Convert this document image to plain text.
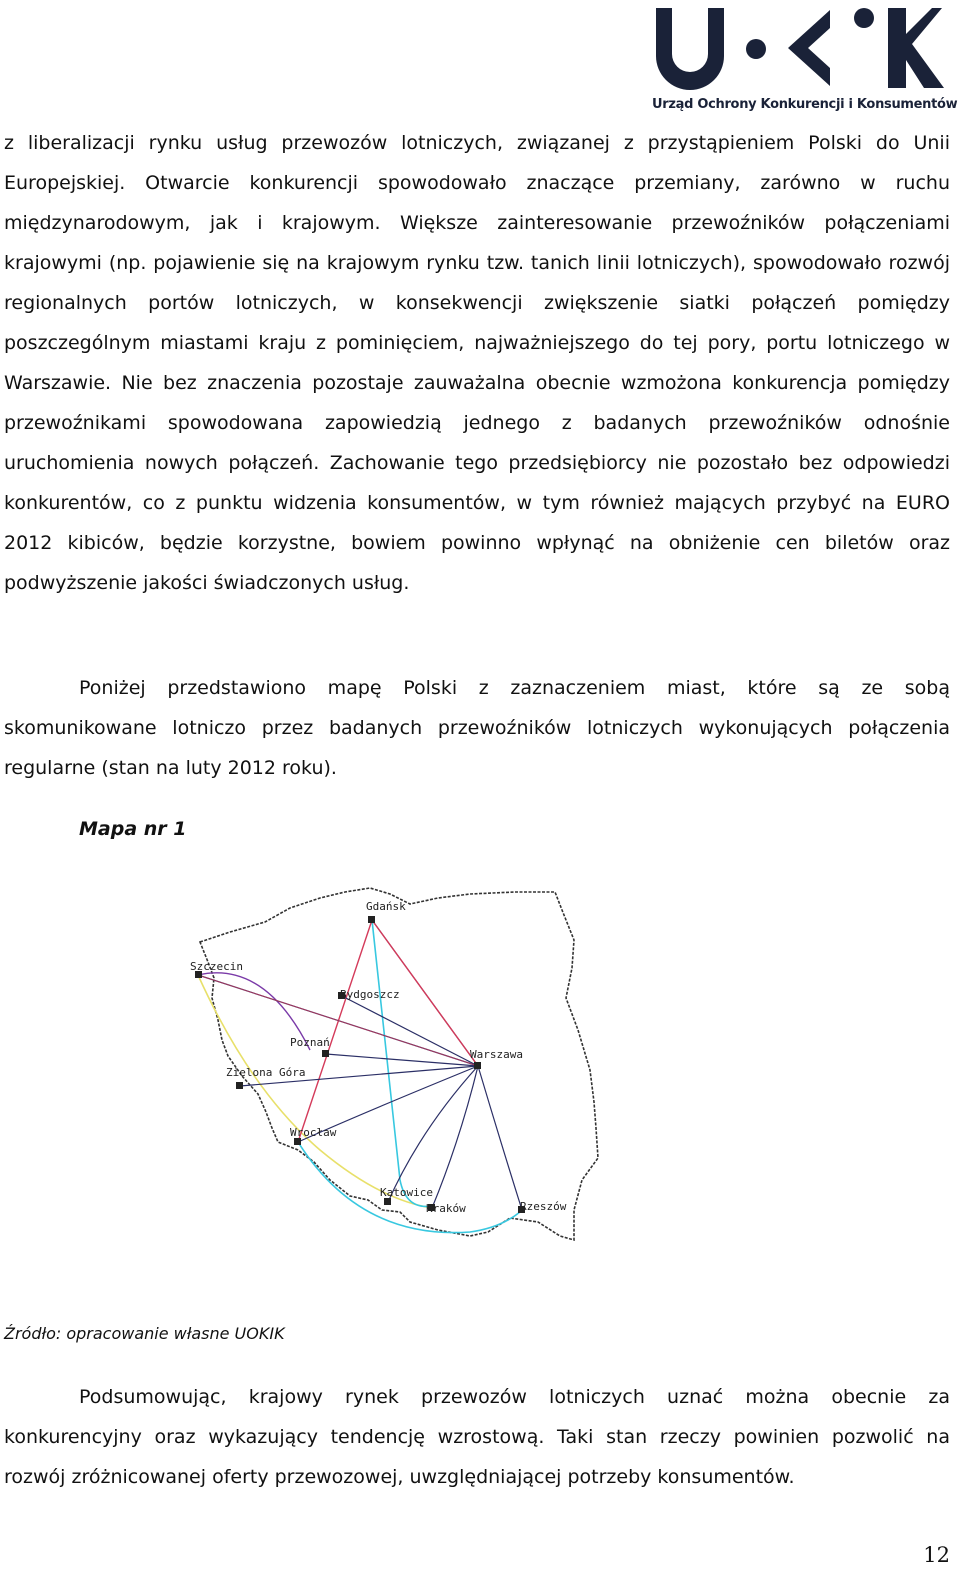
Urząd Ochrony Konkurencji i Konsumentów

z liberalizacji rynku usług przewozów lotniczych, związanej z przystąpieniem Polski do Unii Europejskiej. Otwarcie konkurencji spowodowało znaczące przemiany, zarówno w ruchu międzynarodowym, jak i krajowym. Większe zainteresowanie przewoźników połączeniami krajowymi (np. pojawienie się na krajowym rynku tzw. tanich linii lotniczych), spowodowało rozwój regionalnych portów lotniczych, w konsekwencji zwiększenie siatki połączeń pomiędzy poszczególnym miastami kraju z pominięciem, najważniejszego do tej pory, portu lotniczego w Warszawie. Nie bez znaczenia pozostaje zauważalna obecnie wzmożona konkurencja pomiędzy przewoźnikami spowodowana zapowiedzią jednego z badanych przewoźników odnośnie uruchomienia nowych połączeń. Zachowanie tego przedsiębiorcy nie pozostało bez odpowiedzi konkurentów, co z punktu widzenia konsumentów, w tym również mających przybyć na EURO 2012 kibiców, będzie korzystne, bowiem powinno wpłynąć na obniżenie cen biletów oraz podwyższenie jakości świadczonych usług.

Poniżej przedstawiono mapę Polski z zaznaczeniem miast, które są ze sobą skomunikowane lotniczo przez badanych przewoźników lotniczych wykonujących połączenia regularne (stan na luty 2012 roku).

Mapa nr 1

Gdańsk
Szczecin
Bydgoszcz
Poznań
Warszawa
Zielona Góra
Wrocław
Katowice
Kraków	Rzeszów

Źródło: opracowanie własne UOKIK

Podsumowując, krajowy rynek przewozów lotniczych uznać można obecnie za konkurencyjny oraz wykazujący tendencję wzrostową. Taki stan rzeczy powinien pozwolić na rozwój zróżnicowanej oferty przewozowej, uwzględniającej potrzeby konsumentów.

12
